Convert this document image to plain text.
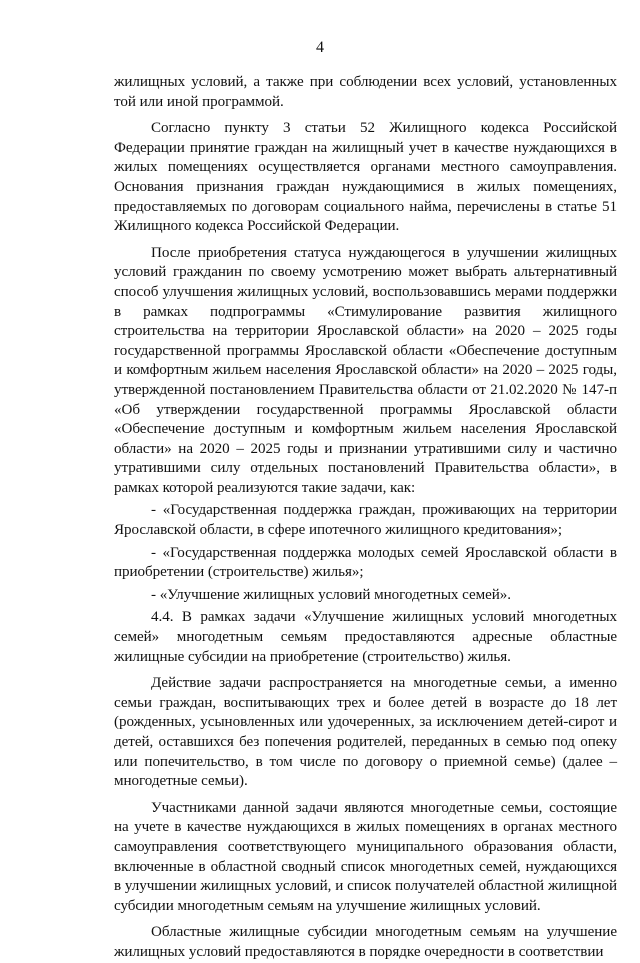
4

жилищных условий, а также при соблюдении всех условий, установленных той или иной программой.

Согласно пункту 3 статьи 52 Жилищного кодекса Российской Федерации принятие граждан на жилищный учет в качестве нуждающихся в жилых помещениях осуществляется органами местного самоуправления. Основания признания граждан нуждающимися в жилых помещениях, предоставляемых по договорам социального найма, перечислены в статье 51 Жилищного кодекса Российской Федерации.

После приобретения статуса нуждающегося в улучшении жилищных условий гражданин по своему усмотрению может выбрать альтернативный способ улучшения жилищных условий, воспользовавшись мерами поддержки в рамках подпрограммы «Стимулирование развития жилищного строительства на территории Ярославской области» на 2020 – 2025 годы государственной программы Ярославской области «Обеспечение доступным и комфортным жильем населения Ярославской области» на 2020 – 2025 годы, утвержденной постановлением Правительства области от 21.02.2020 № 147-п «Об утверждении государственной программы Ярославской области «Обеспечение доступным и комфортным жильем населения Ярославской области» на 2020 – 2025 годы и признании утратившими силу и частично утратившими силу отдельных постановлений Правительства области», в рамках которой реализуются такие задачи, как:

- «Государственная поддержка граждан, проживающих на территории Ярославской области, в сфере ипотечного жилищного кредитования»;

- «Государственная поддержка молодых семей Ярославской области в приобретении (строительстве) жилья»;

- «Улучшение жилищных условий многодетных семей».

4.4. В рамках задачи «Улучшение жилищных условий многодетных семей» многодетным семьям предоставляются адресные областные жилищные субсидии на приобретение (строительство) жилья.

Действие задачи распространяется на многодетные семьи, а именно семьи граждан, воспитывающих трех и более детей в возрасте до 18 лет (рожденных, усыновленных или удочеренных, за исключением детей-сирот и детей, оставшихся без попечения родителей, переданных в семью под опеку или попечительство, в том числе по договору о приемной семье) (далее – многодетные семьи).

Участниками данной задачи являются многодетные семьи, состоящие на учете в качестве нуждающихся в жилых помещениях в органах местного самоуправления соответствующего муниципального образования области, включенные в областной сводный список многодетных семей, нуждающихся в улучшении жилищных условий, и список получателей областной жилищной субсидии многодетным семьям на улучшение жилищных условий.

Областные жилищные субсидии многодетным семьям на улучшение жилищных условий предоставляются в порядке очередности в соответствии
